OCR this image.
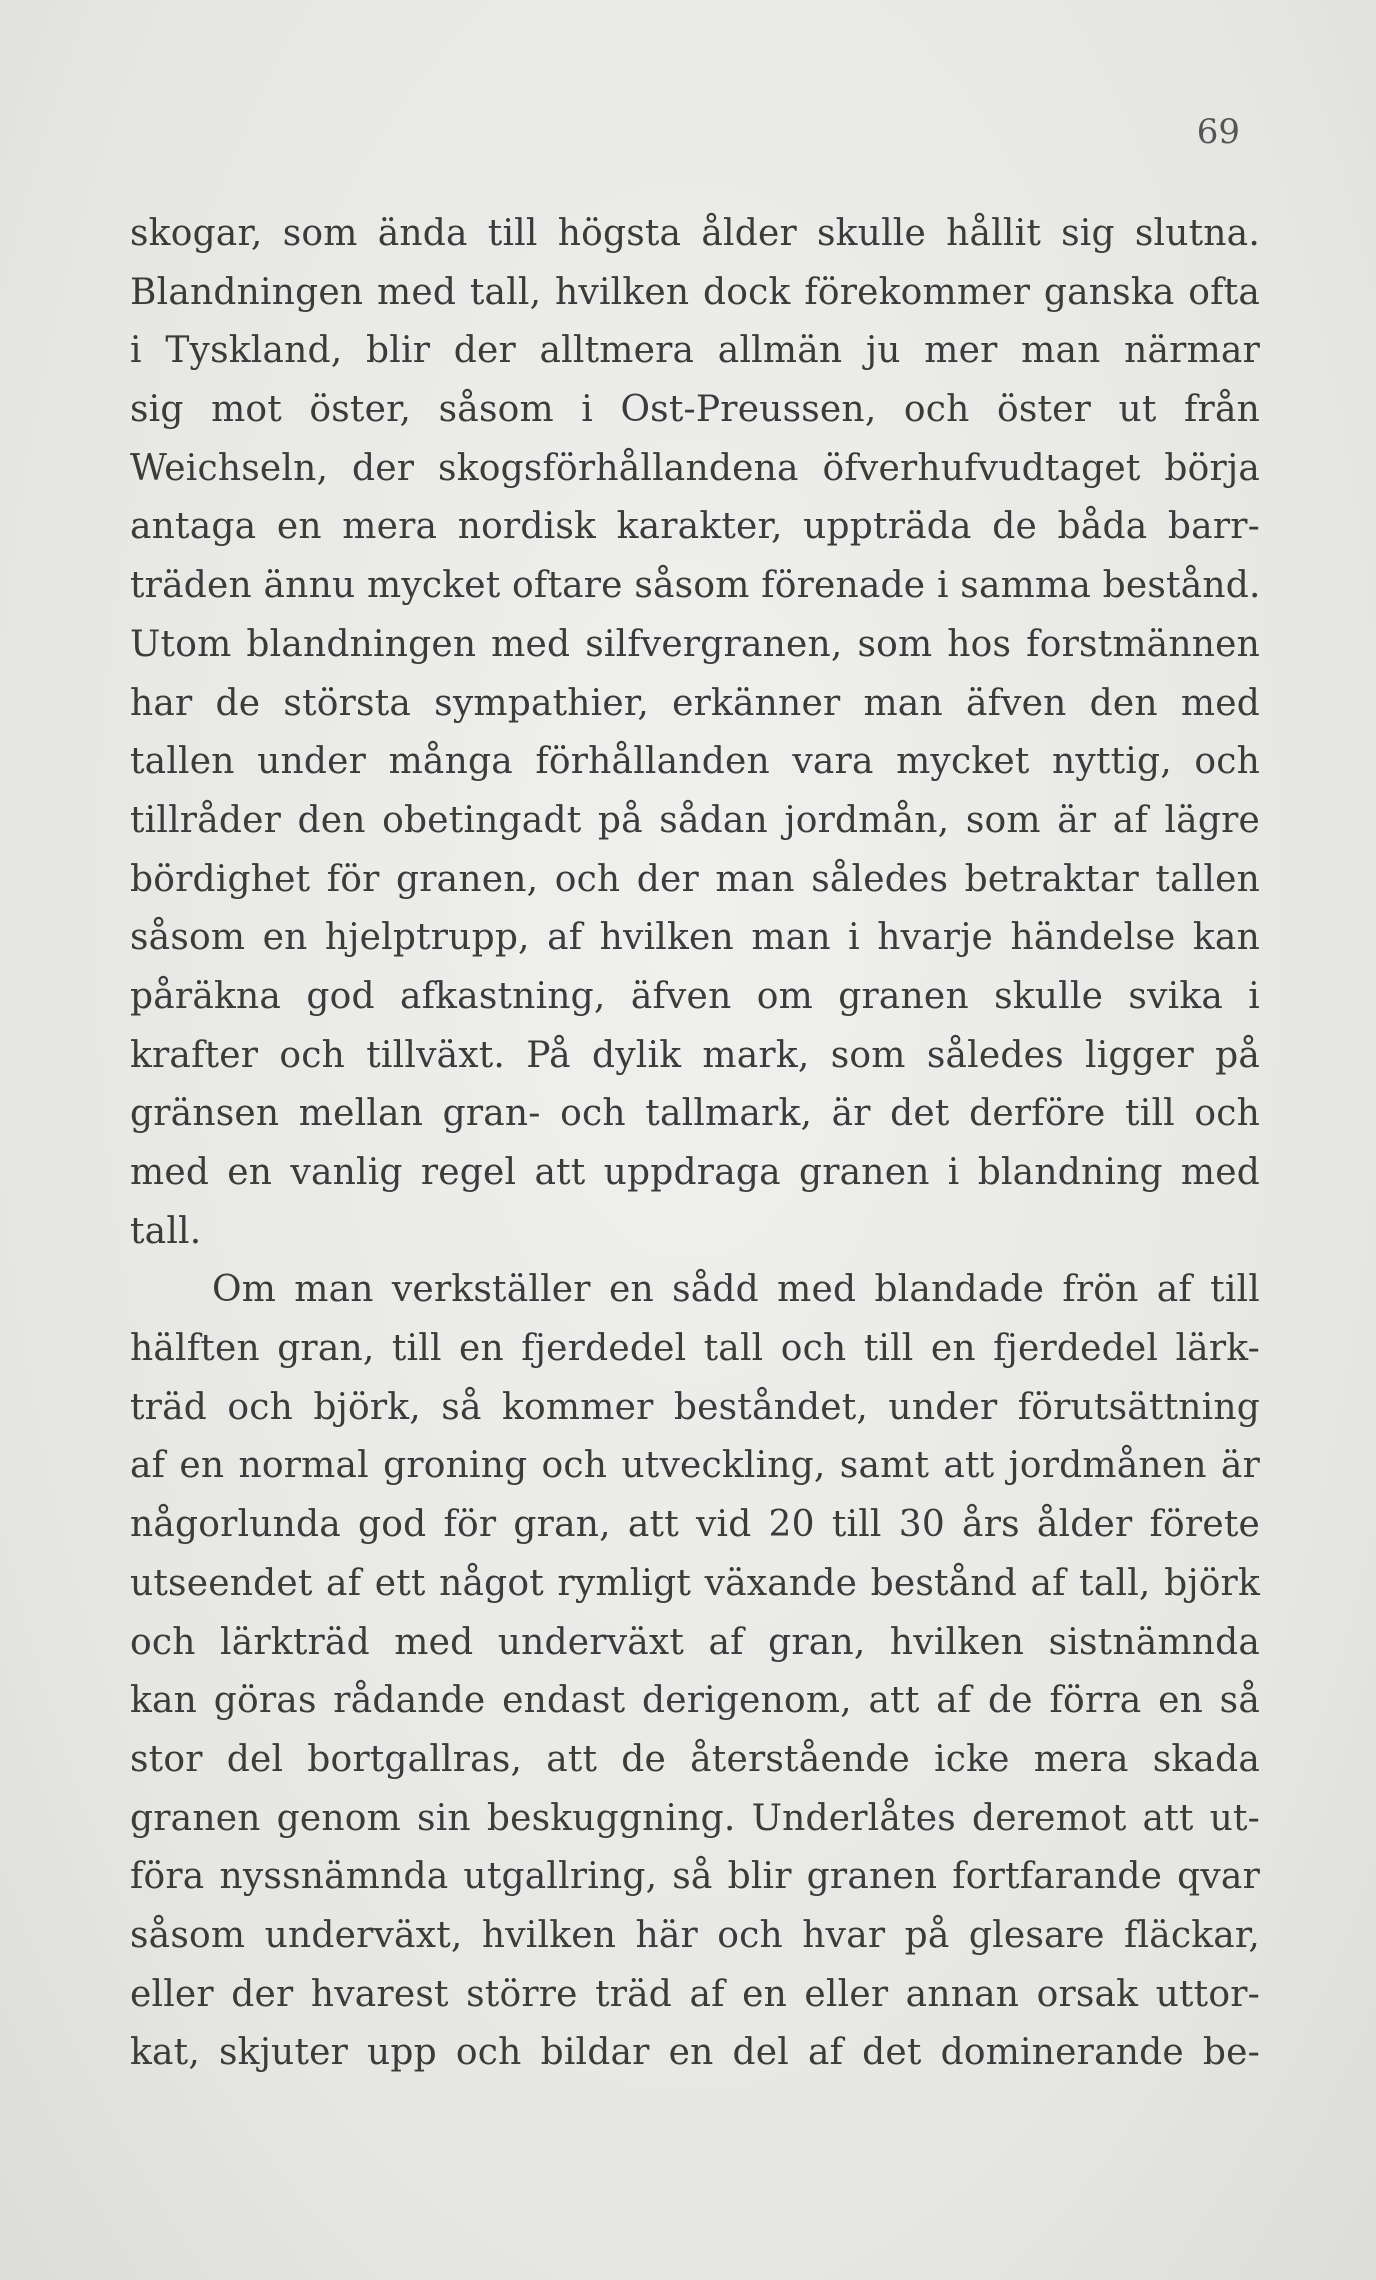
69
skogar, som ända till högsta ålder skulle hållit sig slutna.
Blandningen med tall, hvilken dock förekommer ganska ofta
i Tyskland, blir der alltmera allmän ju mer man närmar
sig mot öster, såsom i Ost-Preussen, och öster ut från
Weichseln, der skogsförhållandena öfverhufvudtaget börja
antaga en mera nordisk karakter, uppträda de båda barr-
träden ännu mycket oftare såsom förenade i samma bestånd.
Utom blandningen med silfvergranen, som hos forstmännen
har de största sympathier, erkänner man äfven den med
tallen under många förhållanden vara mycket nyttig, och
tillråder den obetingadt på sådan jordmån, som är af lägre
bördighet för granen, och der man således betraktar tallen
såsom en hjelptrupp, af hvilken man i hvarje händelse kan
påräkna god afkastning, äfven om granen skulle svika i
krafter och tillväxt. På dylik mark, som således ligger på
gränsen mellan gran- och tallmark, är det derföre till och
med en vanlig regel att uppdraga granen i blandning med
tall.
Om man verkställer en sådd med blandade frön af till
hälften gran, till en fjerdedel tall och till en fjerdedel lärk-
träd och björk, så kommer beståndet, under förutsättning
af en normal groning och utveckling, samt att jordmånen är
någorlunda god för gran, att vid 20 till 30 års ålder förete
utseendet af ett något rymligt växande bestånd af tall, björk
och lärkträd med underväxt af gran, hvilken sistnämnda
kan göras rådande endast derigenom, att af de förra en så
stor del bortgallras, att de återstående icke mera skada
granen genom sin beskuggning. Underlåtes deremot att ut-
föra nyssnämnda utgallring, så blir granen fortfarande qvar
såsom underväxt, hvilken här och hvar på glesare fläckar,
eller der hvarest större träd af en eller annan orsak uttor-
kat, skjuter upp och bildar en del af det dominerande be-
